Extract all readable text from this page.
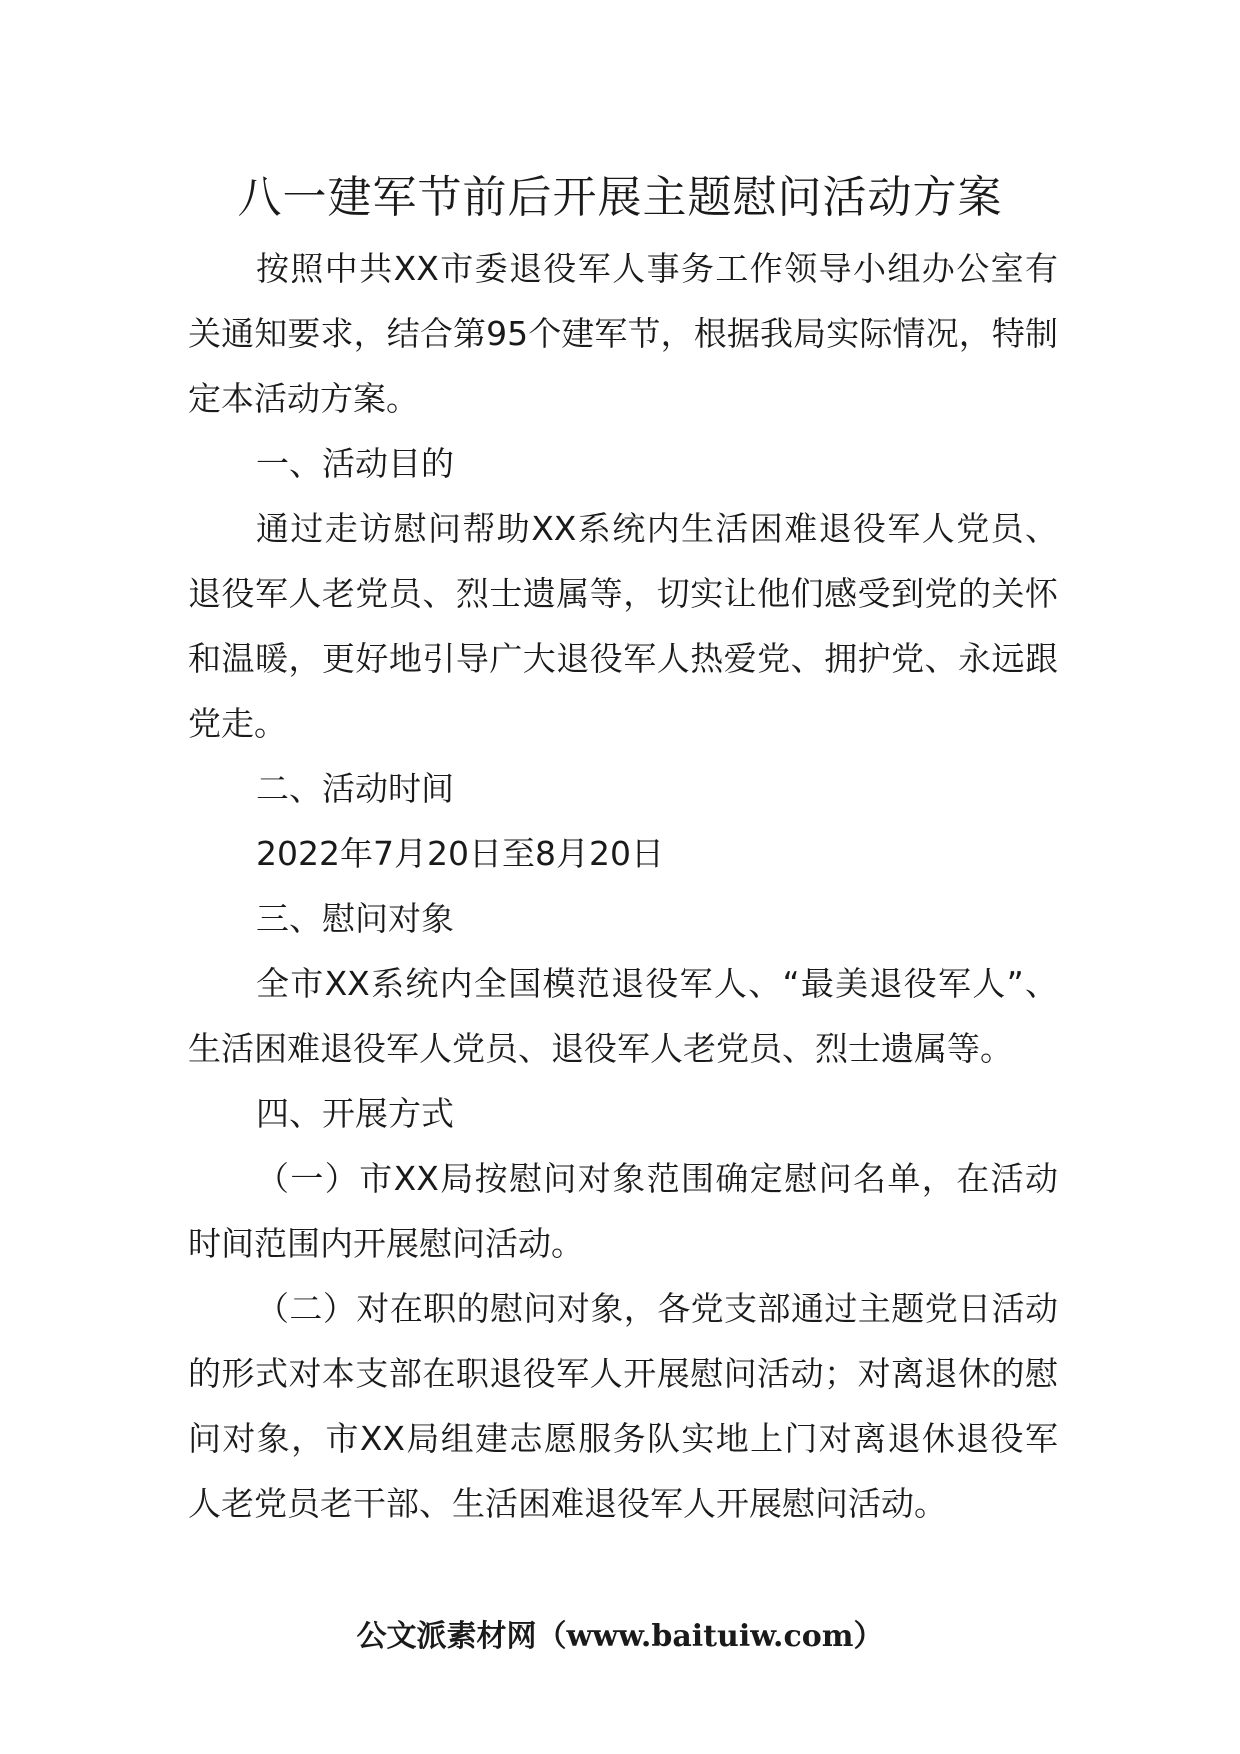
八一建军节前后开展主题慰问活动方案

按照中共XX市委退役军人事务工作领导小组办公室有关通知要求，结合第95个建军节，根据我局实际情况，特制定本活动方案。

一、活动目的

通过走访慰问帮助XX系统内生活困难退役军人党员、退役军人老党员、烈士遗属等，切实让他们感受到党的关怀和温暖，更好地引导广大退役军人热爱党、拥护党、永远跟党走。

二、活动时间

2022年7月20日至8月20日

三、慰问对象

全市XX系统内全国模范退役军人、“最美退役军人”、生活困难退役军人党员、退役军人老党员、烈士遗属等。

四、开展方式

（一）市XX局按慰问对象范围确定慰问名单，在活动时间范围内开展慰问活动。

（二）对在职的慰问对象，各党支部通过主题党日活动的形式对本支部在职退役军人开展慰问活动；对离退休的慰问对象，市XX局组建志愿服务队实地上门对离退休退役军人老党员老干部、生活困难退役军人开展慰问活动。

公文派素材网（www.baituiw.com）
